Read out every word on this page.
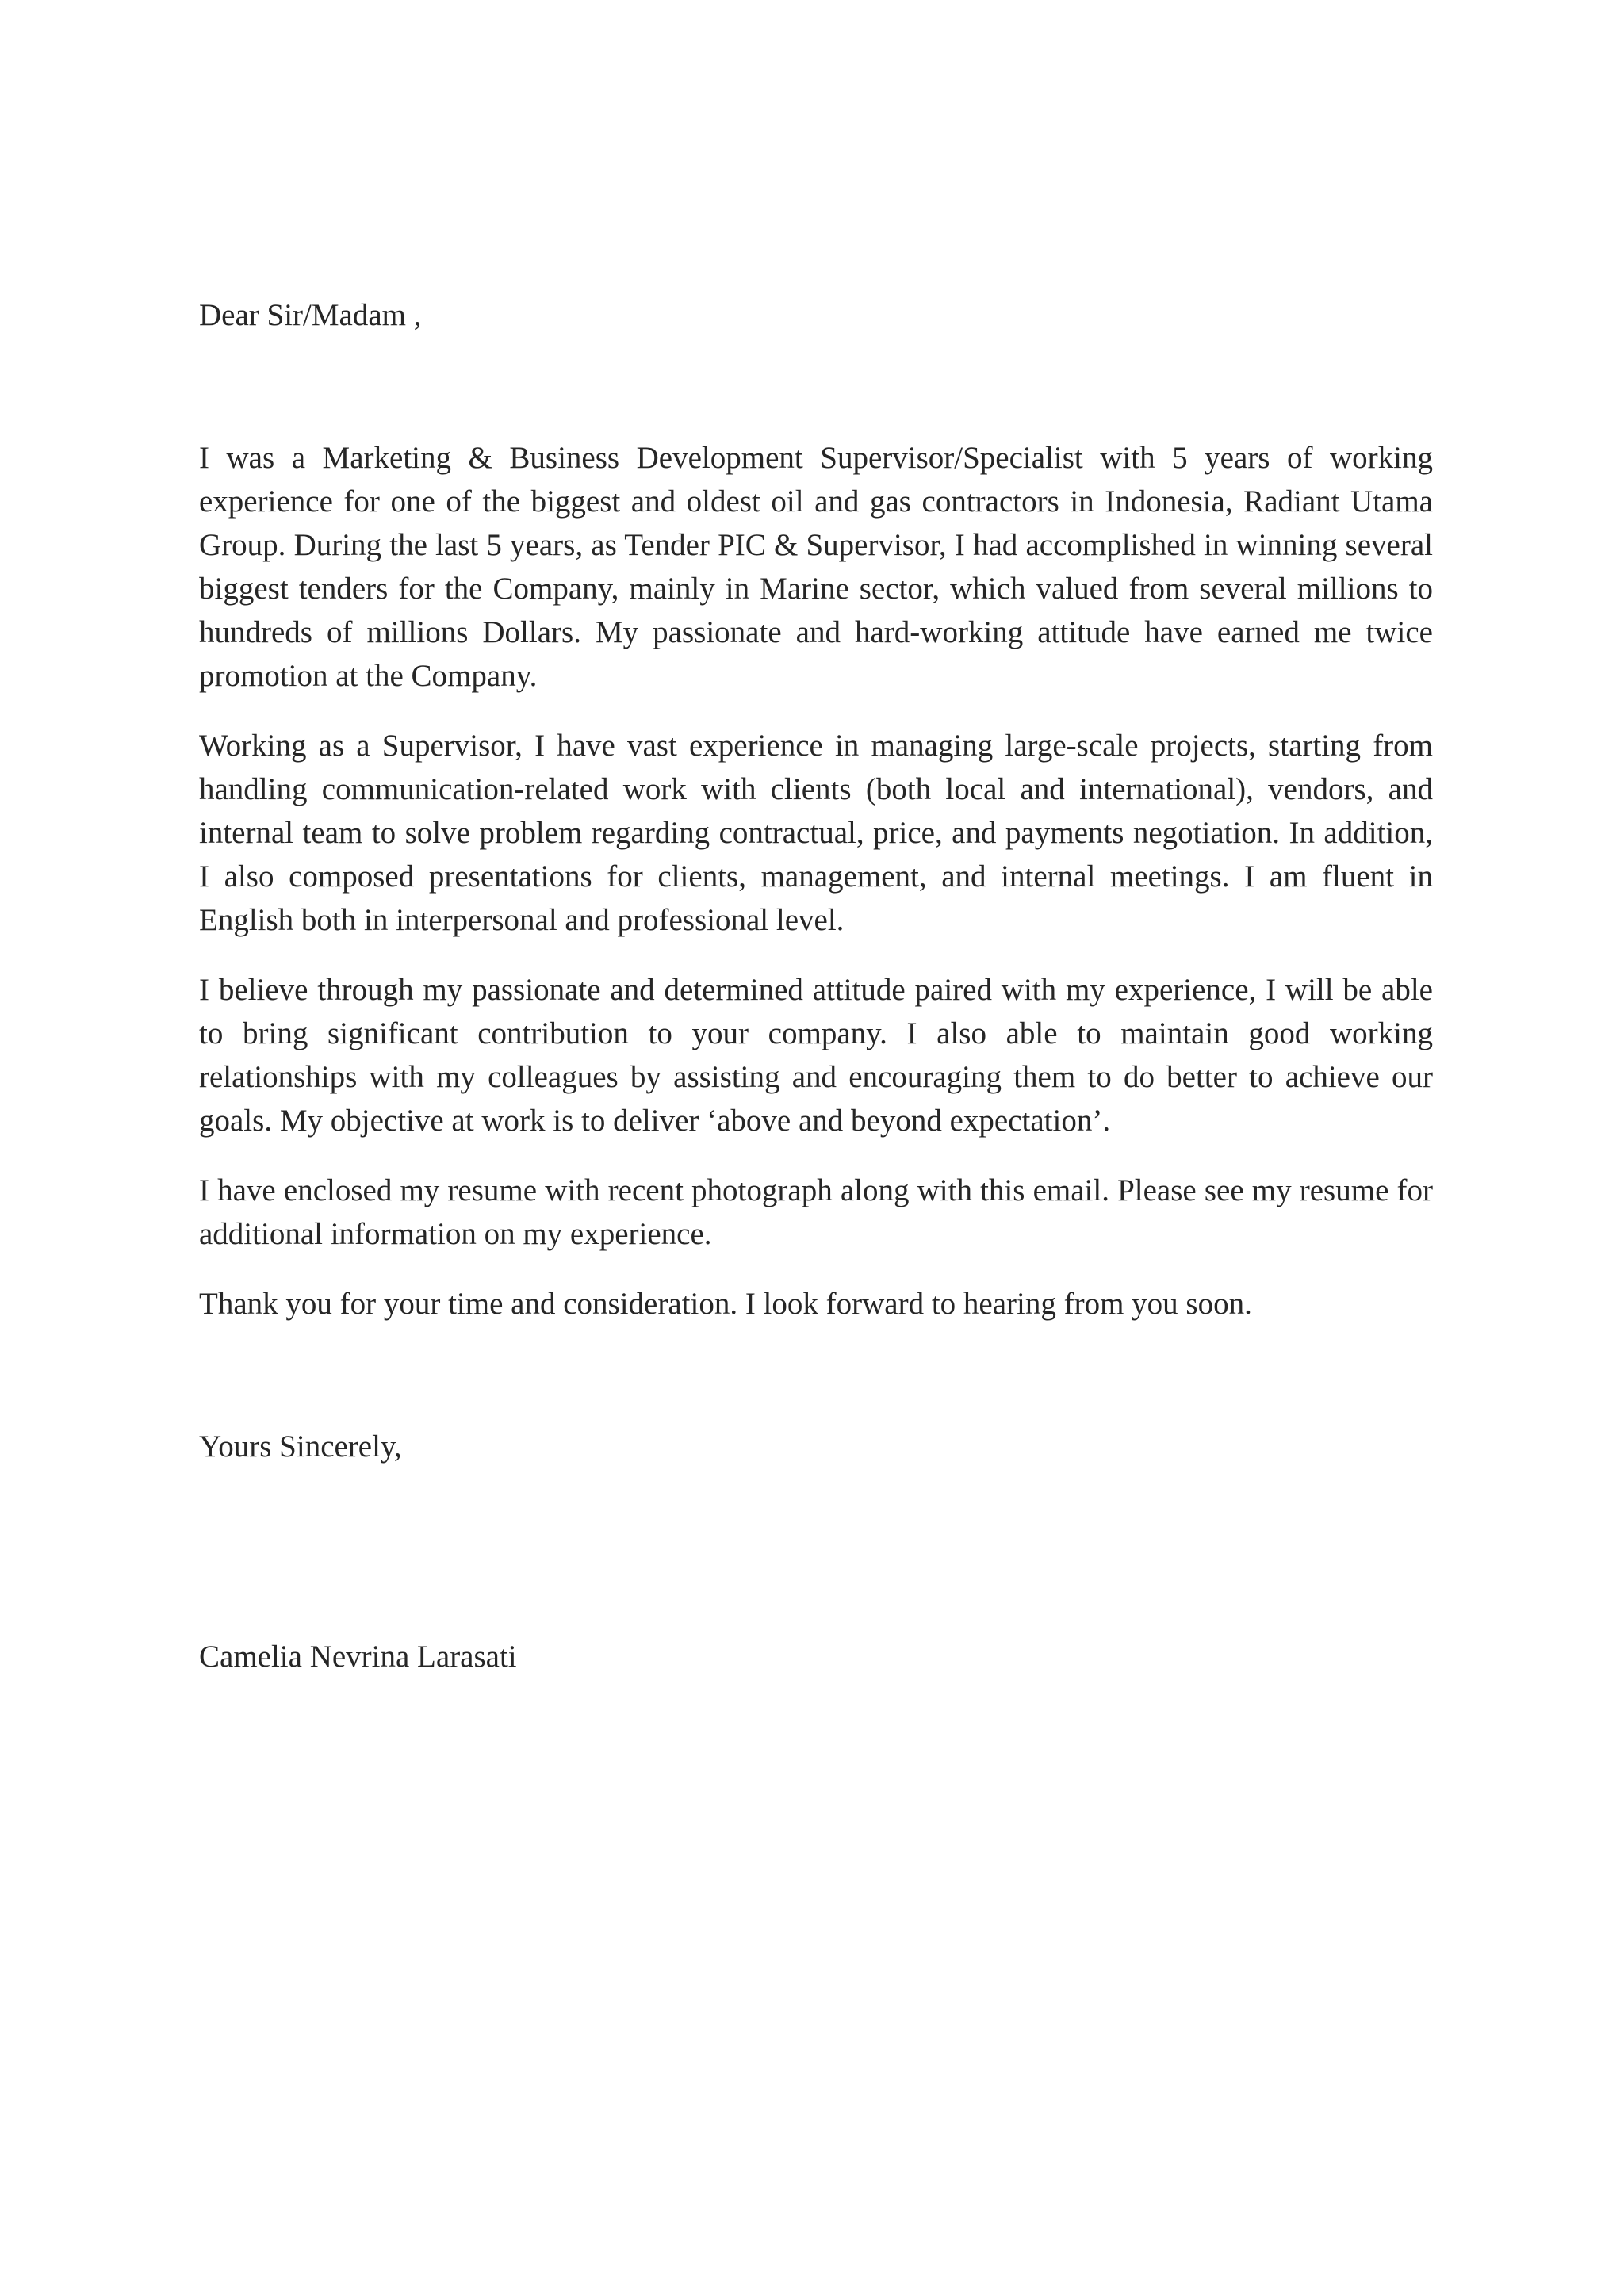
Dear Sir/Madam ,

I was a Marketing & Business Development Supervisor/Specialist with 5 years of working experience for one of the biggest and oldest oil and gas contractors in Indonesia, Radiant Utama Group. During the last 5 years, as Tender PIC & Supervisor, I had accomplished in winning several biggest tenders for the Company, mainly in Marine sector, which valued from several millions to hundreds of millions Dollars. My passionate and hard-working attitude have earned me twice promotion at the Company.

Working as a Supervisor, I have vast experience in managing large-scale projects, starting from handling communication-related work with clients (both local and international), vendors, and internal team to solve problem regarding contractual, price, and payments negotiation. In addition, I also composed presentations for clients, management, and internal meetings. I am fluent in English both in interpersonal and professional level.

I believe through my passionate and determined attitude paired with my experience, I will be able to bring significant contribution to your company. I also able to maintain good working relationships with my colleagues by assisting and encouraging them to do better to achieve our goals. My objective at work is to deliver ‘above and beyond expectation’.

I have enclosed my resume with recent photograph along with this email. Please see my resume for additional information on my experience.

Thank you for your time and consideration. I look forward to hearing from you soon.

Yours Sincerely,

Camelia Nevrina Larasati
